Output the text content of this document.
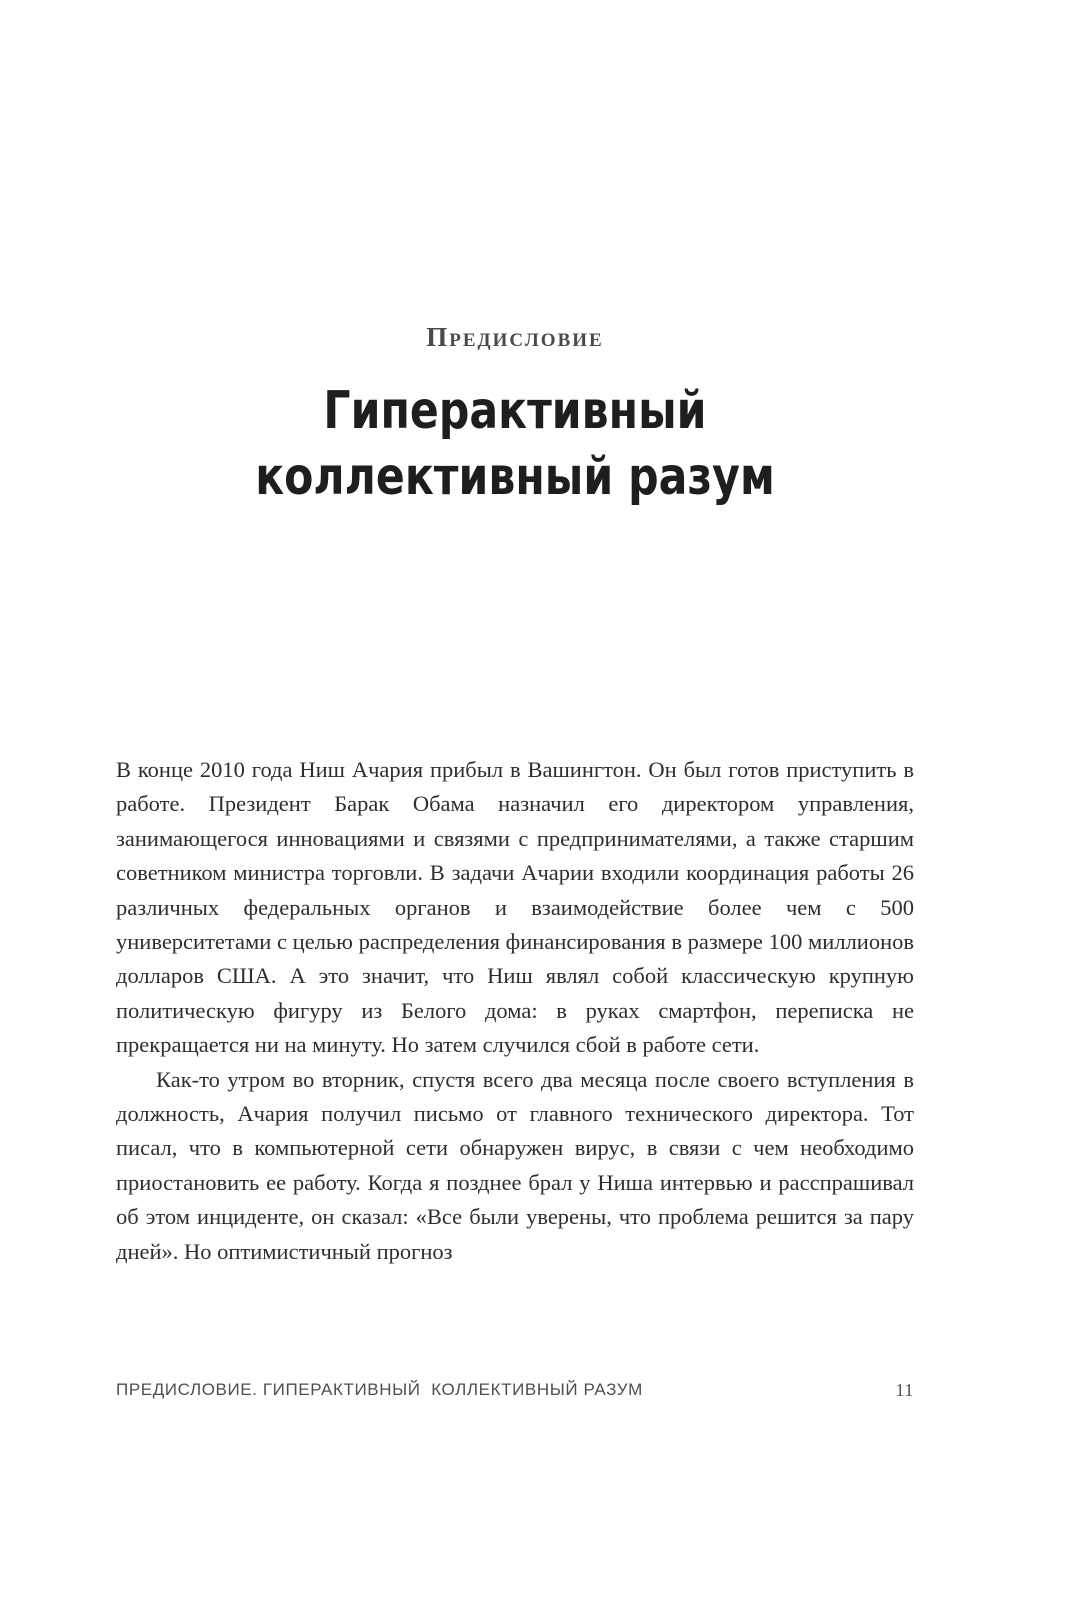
Предисловие
Гиперактивный
коллективный разум

В конце 2010 года Ниш Ачария прибыл в Вашингтон. Он был готов приступить в работе. Президент Барак Обама назначил его директором управления, занимающегося инновациями и связями с предпринимателями, а также старшим советником министра торговли. В задачи Ачарии входили координация работы 26 различных федеральных органов и взаимодействие более чем с 500 университетами с целью распределения финансирования в размере 100 миллионов долларов США. А это значит, что Ниш являл собой классическую крупную политическую фигуру из Белого дома: в руках смартфон, переписка не прекращается ни на минуту. Но затем случился сбой в работе сети.

Как-то утром во вторник, спустя всего два месяца после своего вступления в должность, Ачария получил письмо от главного технического директора. Тот писал, что в компьютерной сети обнаружен вирус, в связи с чем необходимо приостановить ее работу. Когда я позднее брал у Ниша интервью и расспрашивал об этом инциденте, он сказал: «Все были уверены, что проблема решится за пару дней». Но оптимистичный прогноз

ПРЕДИСЛОВИЕ. ГИПЕРАКТИВНЫЙ  КОЛЛЕКТИВНЫЙ РАЗУМ	11
